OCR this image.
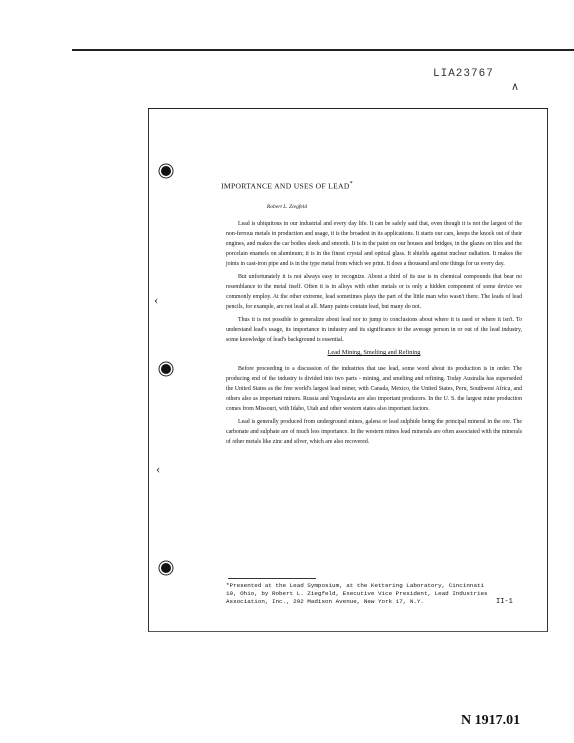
LIA23767
∧
‹
‹
IMPORTANCE AND USES OF LEAD*
Robert L. Ziegfeld

Lead is ubiquitous in our industrial and every day life. It can be safely said that, even though it is not the largest of the non-ferrous metals in production and usage, it is the broadest in its applications. It starts our cars, keeps the knock out of their engines, and makes the car bodies sleek and smooth. It is in the paint on our houses and bridges, in the glazes on tiles and the porcelain enamels on aluminum; it is in the finest crystal and optical glass. It shields against nuclear radiation. It makes the joints in cast-iron pipe and is in the type metal from which we print. It does a thousand and one things for us every day.

But unfortunately it is not always easy to recognize. About a third of its use is in chemical compounds that bear no resemblance to the metal itself. Often it is in alloys with other metals or is only a hidden component of some device we commonly employ. At the other extreme, lead sometimes plays the part of the little man who wasn't there. The leads of lead pencils, for example, are not lead at all. Many paints contain lead, but many do not.

Thus it is not possible to generalize about lead nor to jump to conclusions about where it is used or where it isn't. To understand lead's usage, its importance in industry and its significance to the average person in or out of the lead industry, some knowledge of lead's background is essential.

Lead Mining, Smelting and Refining

Before proceeding to a discussion of the industries that use lead, some word about its production is in order. The producing end of the industry is divided into two parts - mining, and smelting and refining. Today Australia has superseded the United States as the free world's largest lead miner, with Canada, Mexico, the United States, Peru, Southwest Africa, and others also as important miners. Russia and Yugoslavia are also important producers. In the U. S. the largest mine production comes from Missouri, with Idaho, Utah and other western states also important factors.

Lead is generally produced from underground mines, galena or lead sulphide being the principal mineral in the ore. The carbonate and sulphate are of much less importance. In the western mines lead minerals are often associated with the minerals of other metals like zinc and silver, which are also recovered.

*Presented at the Lead Symposium, at the Kettering Laboratory, Cincinnati 19, Ohio, by Robert L. Ziegfeld, Executive Vice President, Lead Industries Association, Inc., 292 Madison Avenue, New York 17, N.Y.	II-1
N 1917.01
